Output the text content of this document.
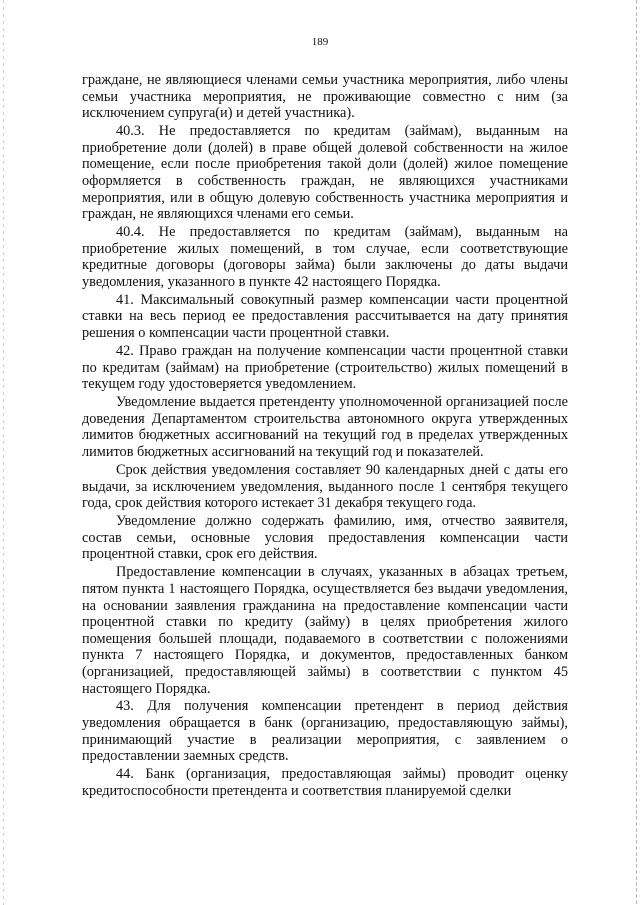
189

граждане, не являющиеся членами семьи участника мероприятия, либо члены семьи участника мероприятия, не проживающие совместно с ним (за исключением супруга(и) и детей участника).

40.3. Не предоставляется по кредитам (займам), выданным на приобретение доли (долей) в праве общей долевой собственности на жилое помещение, если после приобретения такой доли (долей) жилое помещение оформляется в собственность граждан, не являющихся участниками мероприятия, или в общую долевую собственность участника мероприятия и граждан, не являющихся членами его семьи.

40.4. Не предоставляется по кредитам (займам), выданным на приобретение жилых помещений, в том случае, если соответствующие кредитные договоры (договоры займа) были заключены до даты выдачи уведомления, указанного в пункте 42 настоящего Порядка.

41. Максимальный совокупный размер компенсации части процентной ставки на весь период ее предоставления рассчитывается на дату принятия решения о компенсации части процентной ставки.

42. Право граждан на получение компенсации части процентной ставки по кредитам (займам) на приобретение (строительство) жилых помещений в текущем году удостоверяется уведомлением.

Уведомление выдается претенденту уполномоченной организацией после доведения Департаментом строительства автономного округа утвержденных лимитов бюджетных ассигнований на текущий год в пределах утвержденных лимитов бюджетных ассигнований на текущий год и показателей.

Срок действия уведомления составляет 90 календарных дней с даты его выдачи, за исключением уведомления, выданного после 1 сентября текущего года, срок действия которого истекает 31 декабря текущего года.

Уведомление должно содержать фамилию, имя, отчество заявителя, состав семьи, основные условия предоставления компенсации части процентной ставки, срок его действия.

Предоставление компенсации в случаях, указанных в абзацах третьем, пятом пункта 1 настоящего Порядка, осуществляется без выдачи уведомления, на основании заявления гражданина на предоставление компенсации части процентной ставки по кредиту (займу) в целях приобретения жилого помещения большей площади, подаваемого в соответствии с положениями пункта 7 настоящего Порядка, и документов, предоставленных банком (организацией, предоставляющей займы) в соответствии с пунктом 45 настоящего Порядка.

43. Для получения компенсации претендент в период действия уведомления обращается в банк (организацию, предоставляющую займы), принимающий участие в реализации мероприятия, с заявлением о предоставлении заемных средств.

44. Банк (организация, предоставляющая займы) проводит оценку кредитоспособности претендента и соответствия планируемой сделки
